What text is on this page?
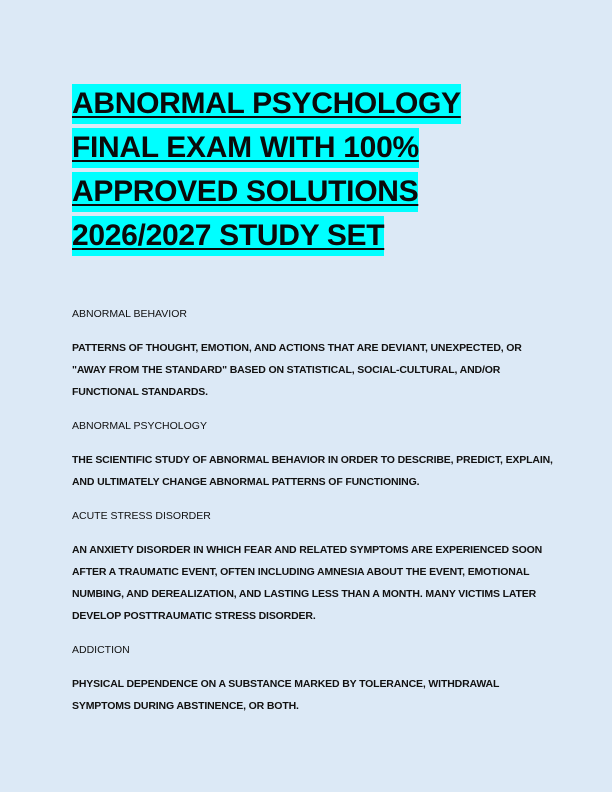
ABNORMAL PSYCHOLOGY
FINAL EXAM WITH 100%
APPROVED SOLUTIONS
2026/2027 STUDY SET

ABNORMAL BEHAVIOR

PATTERNS OF THOUGHT, EMOTION, AND ACTIONS THAT ARE DEVIANT, UNEXPECTED, OR
"AWAY FROM THE STANDARD" BASED ON STATISTICAL, SOCIAL-CULTURAL, AND/OR
FUNCTIONAL STANDARDS.

ABNORMAL PSYCHOLOGY

THE SCIENTIFIC STUDY OF ABNORMAL BEHAVIOR IN ORDER TO DESCRIBE, PREDICT, EXPLAIN,
AND ULTIMATELY CHANGE ABNORMAL PATTERNS OF FUNCTIONING.

ACUTE STRESS DISORDER

AN ANXIETY DISORDER IN WHICH FEAR AND RELATED SYMPTOMS ARE EXPERIENCED SOON
AFTER A TRAUMATIC EVENT, OFTEN INCLUDING AMNESIA ABOUT THE EVENT, EMOTIONAL
NUMBING, AND DEREALIZATION, AND LASTING LESS THAN A MONTH. MANY VICTIMS LATER
DEVELOP POSTTRAUMATIC STRESS DISORDER.

ADDICTION

PHYSICAL DEPENDENCE ON A SUBSTANCE MARKED BY TOLERANCE, WITHDRAWAL
SYMPTOMS DURING ABSTINENCE, OR BOTH.
